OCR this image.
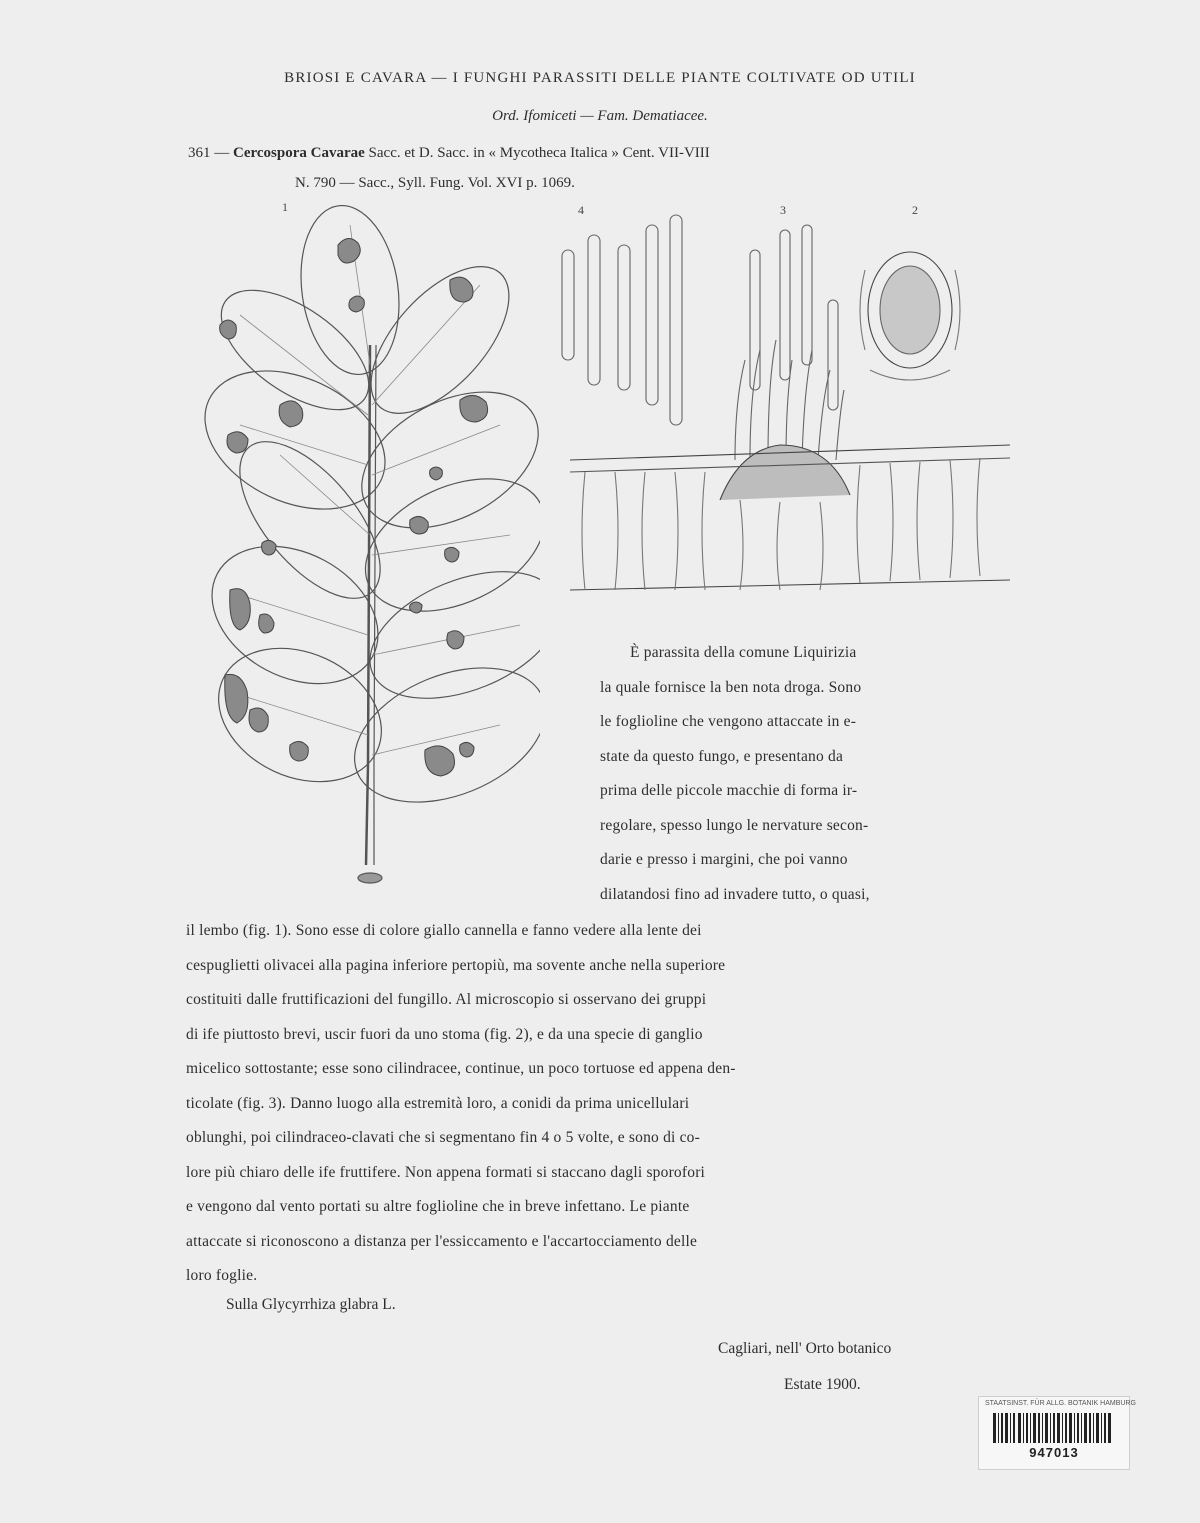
BRIOSI E CAVARA — I FUNGHI PARASSITI DELLE PIANTE COLTIVATE OD UTILI
Ord. Ifomiceti — Fam. Dematiacee.
361 — Cercospora Cavarae Sacc. et D. Sacc. in « Mycotheca Italica » Cent. VII-VIII
N. 790 — Sacc., Syll. Fung. Vol. XVI p. 1069.
1	4	3	2

È parassita della comune Liquirizia

la quale fornisce la ben nota droga. Sono

le foglioline che vengono attaccate in e-

state da questo fungo, e presentano da

prima delle piccole macchie di forma ir-

regolare, spesso lungo le nervature secon-

darie e presso i margini, che poi vanno

dilatandosi fino ad invadere tutto, o quasi,

il lembo (fig. 1). Sono esse di colore giallo cannella e fanno vedere alla lente dei

cespuglietti olivacei alla pagina inferiore pertopiù, ma sovente anche nella superiore

costituiti dalle fruttificazioni del fungillo. Al microscopio si osservano dei gruppi

di ife piuttosto brevi, uscir fuori da uno stoma (fig. 2), e da una specie di ganglio

micelico sottostante; esse sono cilindracee, continue, un poco tortuose ed appena den-

ticolate (fig. 3). Danno luogo alla estremità loro, a conidi da prima unicellulari

oblunghi, poi cilindraceo-clavati che si segmentano fin 4 o 5 volte, e sono di co-

lore più chiaro delle ife fruttifere. Non appena formati si staccano dagli sporofori

e vengono dal vento portati su altre foglioline che in breve infettano. Le piante

attaccate si riconoscono a distanza per l'essiccamento e l'accartocciamento delle

loro foglie.

Sulla Glycyrrhiza glabra L.
Cagliari, nell' Orto botanico
Estate 1900.
STAATSINST. FÜR ALLG. BOTANIK HAMBURG
947013
